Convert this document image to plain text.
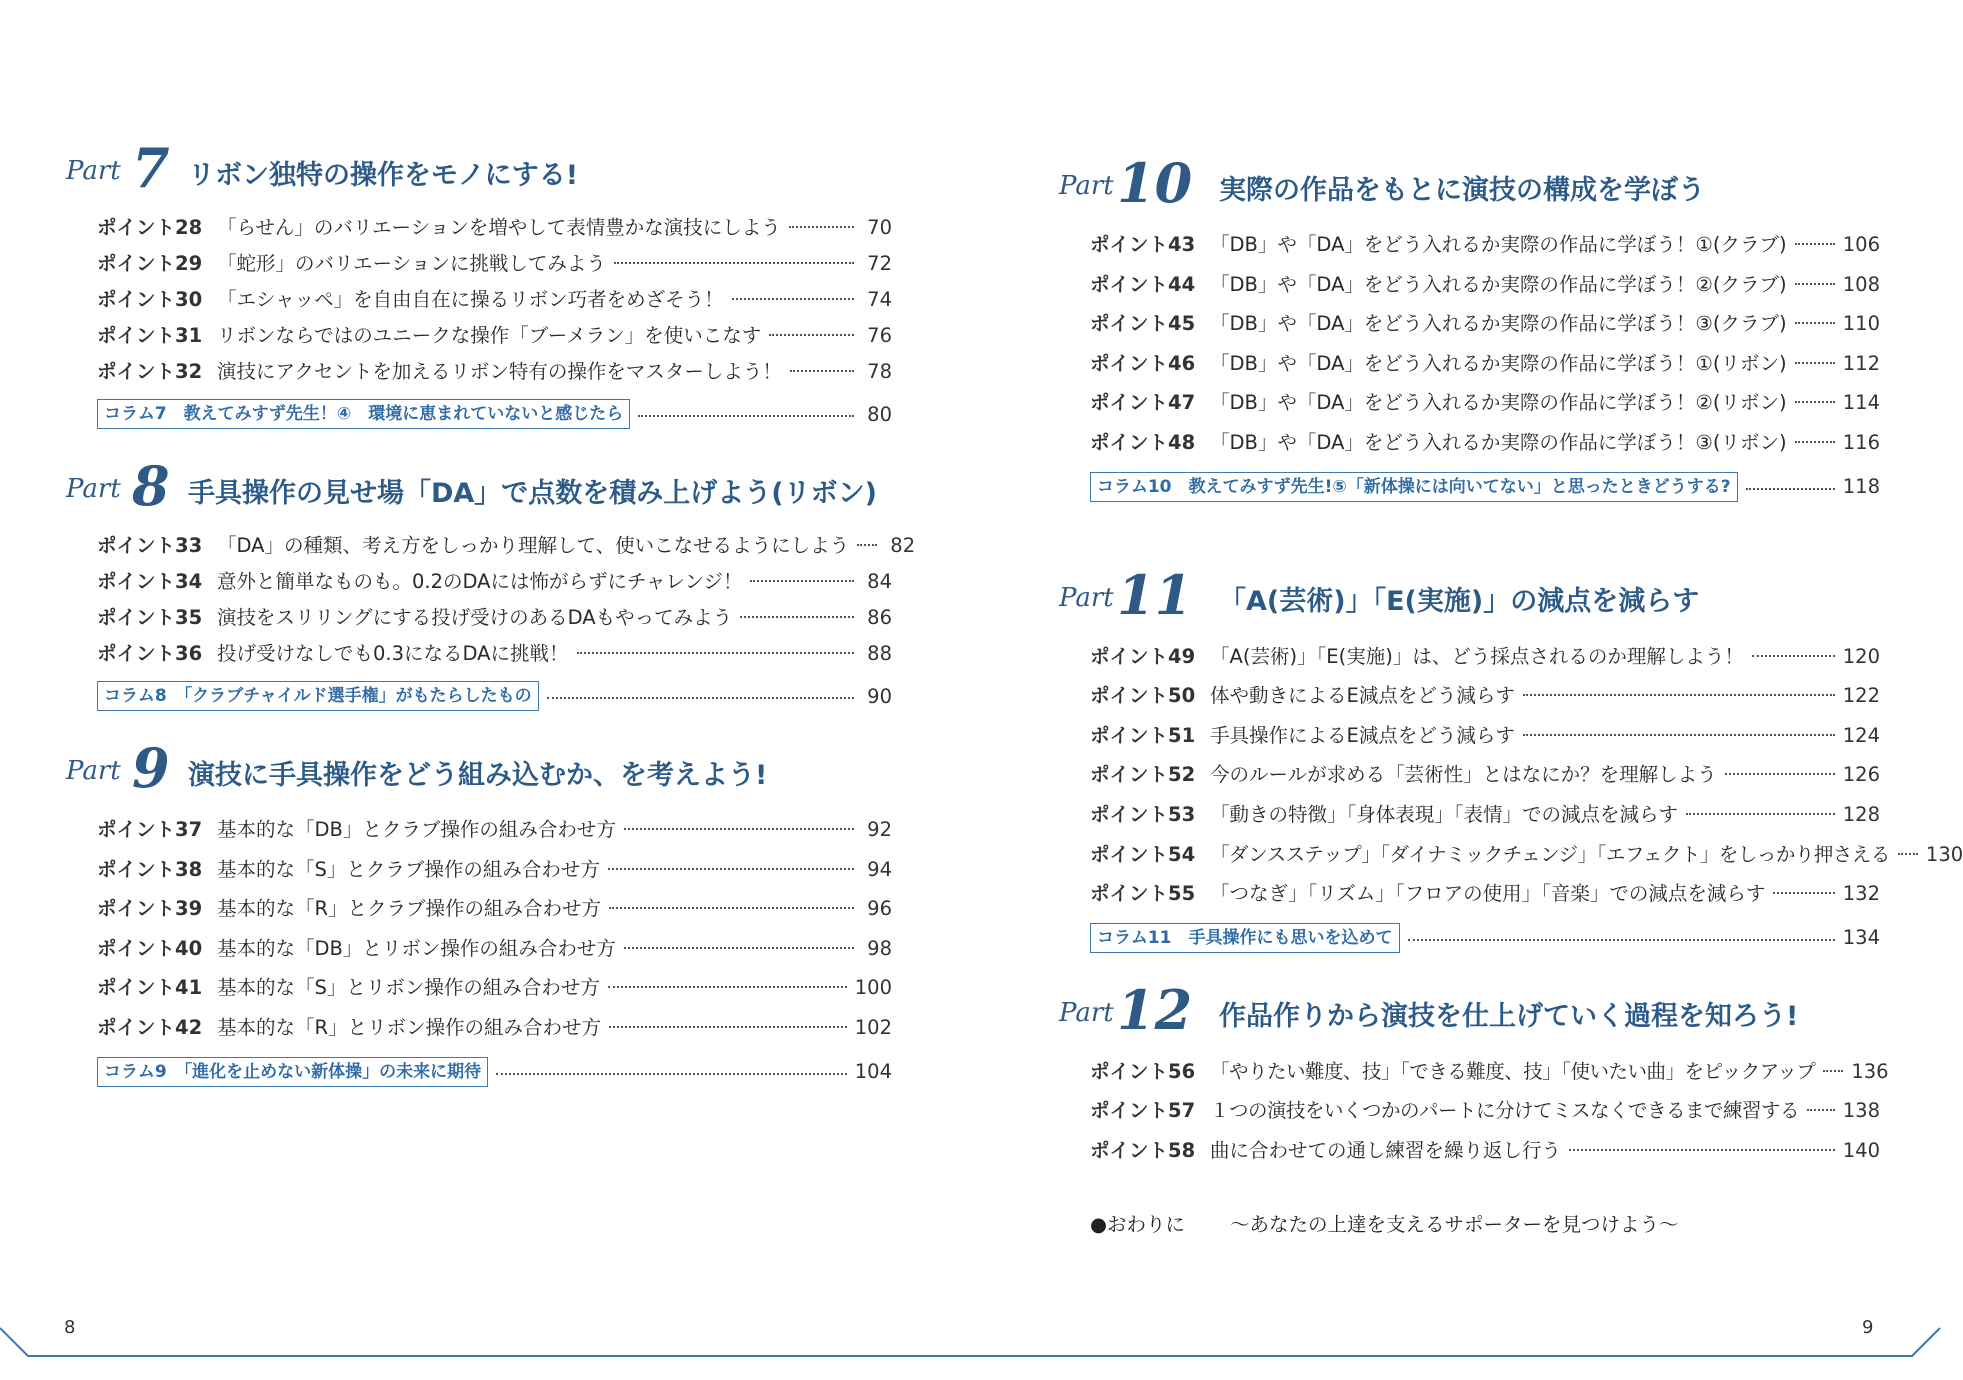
Part 7 リボン独特の操作をモノにする!
ポイント28 「らせん」のバリエーションを増やして表情豊かな演技にしよう	70
ポイント29 「蛇形」のバリエーションに挑戦してみよう	72
ポイント30 「エシャッペ」を自由自在に操るリボン巧者をめざそう！	74
ポイント31 リボンならではのユニークな操作「ブーメラン」を使いこなす	76
ポイント32 演技にアクセントを加えるリボン特有の操作をマスターしよう！	78
コラム7　教えてみすず先生！④　環境に恵まれていないと感じたら	80
Part 8 手具操作の見せ場「DA」で点数を積み上げよう(リボン)
ポイント33 「DA」の種類、考え方をしっかり理解して、使いこなせるようにしよう 82
ポイント34 意外と簡単なものも。0.2のDAには怖がらずにチャレンジ！	84
ポイント35 演技をスリリングにする投げ受けのあるDAもやってみよう	86
ポイント36 投げ受けなしでも0.3になるDAに挑戦！	88
コラム8　「クラブチャイルド選手権」がもたらしたもの	90
Part 9 演技に手具操作をどう組み込むか、を考えよう!
ポイント37 基本的な「DB」とクラブ操作の組み合わせ方	92
ポイント38 基本的な「S」とクラブ操作の組み合わせ方	94
ポイント39 基本的な「R」とクラブ操作の組み合わせ方	96
ポイント40 基本的な「DB」とリボン操作の組み合わせ方	98
ポイント41 基本的な「S」とリボン操作の組み合わせ方	100
ポイント42 基本的な「R」とリボン操作の組み合わせ方	102
コラム9　「進化を止めない新体操」の未来に期待	104
Part 10 実際の作品をもとに演技の構成を学ぼう
ポイント43 「DB」や「DA」をどう入れるか実際の作品に学ぼう！①(クラブ)	106
ポイント44 「DB」や「DA」をどう入れるか実際の作品に学ぼう！②(クラブ)	108
ポイント45 「DB」や「DA」をどう入れるか実際の作品に学ぼう！③(クラブ)	110
ポイント46 「DB」や「DA」をどう入れるか実際の作品に学ぼう！①(リボン)	112
ポイント47 「DB」や「DA」をどう入れるか実際の作品に学ぼう！②(リボン)	114
ポイント48 「DB」や「DA」をどう入れるか実際の作品に学ぼう！③(リボン)	116
コラム10　教えてみすず先生!⑤「新体操には向いてない」と思ったときどうする?	118
Part 11 「A(芸術)」「E(実施)」の減点を減らす
ポイント49 「A(芸術)」「E(実施)」は、どう採点されるのか理解しよう！	120
ポイント50 体や動きによるE減点をどう減らす	122
ポイント51 手具操作によるE減点をどう減らす	124
ポイント52 今のルールが求める「芸術性」とはなにか？を理解しよう	126
ポイント53 「動きの特徴」「身体表現」「表情」での減点を減らす	128
ポイント54 「ダンスステップ」「ダイナミックチェンジ」「エフェクト」をしっかり押さえる 130
ポイント55 「つなぎ」「リズム」「フロアの使用」「音楽」での減点を減らす	132
コラム11　手具操作にも思いを込めて	134
Part 12 作品作りから演技を仕上げていく過程を知ろう!
ポイント56 「やりたい難度、技」「できる難度、技」「使いたい曲」をピックアップ 136
ポイント57 １つの演技をいくつかのパートに分けてミスなくできるまで練習する 138
ポイント58 曲に合わせての通し練習を繰り返し行う	140
●おわりに	～あなたの上達を支えるサポーターを見つけよう～
8	9
